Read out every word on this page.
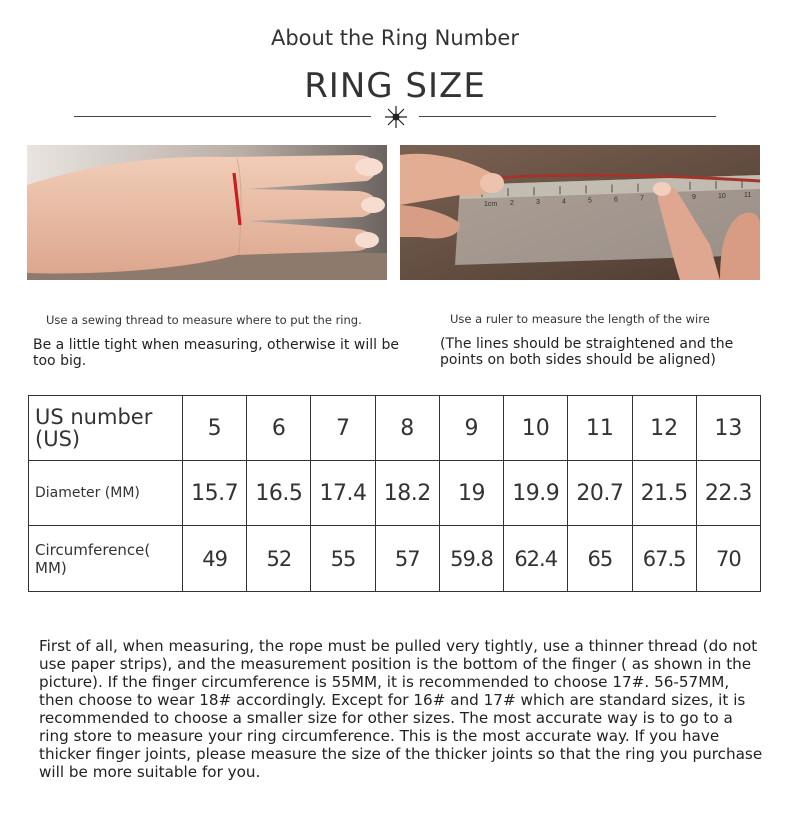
About the Ring Number
RING SIZE
1cm 2	3	4	5	6	7	9	10	11
Use a sewing thread to measure where to put the ring.
Be a little tight when measuring, otherwise it will be too big.
Use a ruler to measure the length of the wire
(The lines should be straightened and the points on both sides should be aligned)
US number (US)	5	6	7	8	9	10	11	12	13
Diameter (MM)	15.7	16.5	17.4	18.2	19	19.9	20.7	21.5	22.3
Circumference( MM)	49	52	55	57	59.8	62.4	65	67.5	70
First of all, when measuring, the rope must be pulled very tightly, use a thinner thread (do not use paper strips), and the measurement position is the bottom of the finger ( as shown in the picture). If the finger circumference is 55MM, it is recommended to choose 17#. 56-57MM, then choose to wear 18# accordingly. Except for 16# and 17# which are standard sizes, it is recommended to choose a smaller size for other sizes. The most accurate way is to go to a ring store to measure your ring circumference. This is the most accurate way. If you have thicker finger joints, please measure the size of the thicker joints so that the ring you purchase will be more suitable for you.
